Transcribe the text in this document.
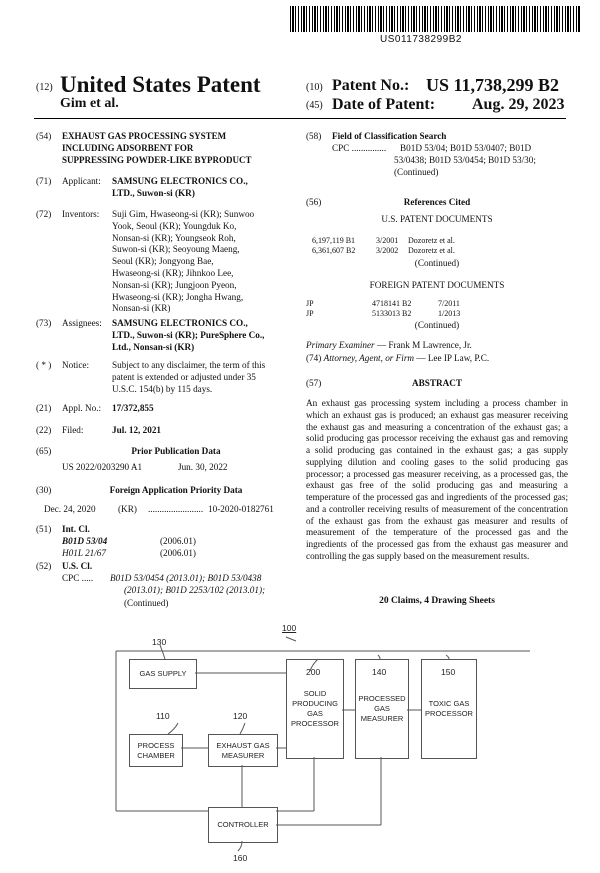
US011738299B2
(12) United States Patent
Gim et al.
(10) Patent No.: US 11,738,299 B2
(45) Date of Patent: Aug. 29, 2023
(54) EXHAUST GAS PROCESSING SYSTEM
INCLUDING ADSORBENT FOR
SUPPRESSING POWDER-LIKE BYPRODUCT
(71) Applicant: SAMSUNG ELECTRONICS CO.,
LTD., Suwon-si (KR)
(72) Inventors: Suji Gim, Hwaseong-si (KR); Sunwoo
Yook, Seoul (KR); Youngduk Ko,
Nonsan-si (KR); Youngseok Roh,
Suwon-si (KR); Seoyoung Maeng,
Seoul (KR); Jongyong Bae,
Hwaseong-si (KR); Jihnkoo Lee,
Nonsan-si (KR); Jungjoon Pyeon,
Hwaseong-si (KR); Jongha Hwang,
Nonsan-si (KR)
(73) Assignees: SAMSUNG ELECTRONICS CO.,
LTD., Suwon-si (KR); PureSphere Co.,
Ltd., Nonsan-si (KR)
( * ) Notice: Subject to any disclaimer, the term of this
patent is extended or adjusted under 35
U.S.C. 154(b) by 115 days.
(21) Appl. No.: 17/372,855
(22) Filed:	Jul. 12, 2021
(65)	Prior Publication Data
US 2022/0203290 A1	Jun. 30, 2022
(30)	Foreign Application Priority Data
Dec. 24, 2020 (KR) ........................ 10-2020-0182761
(51) Int. Cl.
B01D 53/04	(2006.01)
H01L 21/67	(2006.01)
(52) U.S. Cl.
CPC ..... B01D 53/0454 (2013.01); B01D 53/0438
(2013.01); B01D 2253/102 (2013.01);
(Continued)
(58) Field of Classification Search
CPC ............... B01D 53/04; B01D 53/0407; B01D
53/0438; B01D 53/0454; B01D 53/30;
(Continued)
(56)	References Cited
U.S. PATENT DOCUMENTS
6,197,119 B1	3/2001 Dozoretz et al.
6,361,607 B2	3/2002 Dozoretz et al.
(Continued)
FOREIGN PATENT DOCUMENTS
JP	4718141 B2	7/2011
JP	5133013 B2	1/2013
(Continued)
Primary Examiner — Frank M Lawrence, Jr.
(74) Attorney, Agent, or Firm — Lee IP Law, P.C.
(57)	ABSTRACT
An exhaust gas processing system including a process chamber in which an exhaust gas is produced; an exhaust gas measurer receiving the exhaust gas and measuring a concentration of the exhaust gas; a solid producing gas processor receiving the exhaust gas and removing a solid producing gas contained in the exhaust gas; a gas supply supplying dilution and cooling gases to the solid producing gas processor; a processed gas measurer receiving, as a processed gas, the exhaust gas free of the solid producing gas and measuring a temperature of the processed gas and ingredients of the processed gas; and a controller receiving results of measurement of the concentration of the exhaust gas from the exhaust gas measurer and results of measurement of the temperature of the processed gas and the ingredients of the processed gas from the exhaust gas measurer and controlling the gas supply based on the measurement results.
20 Claims, 4 Drawing Sheets
100
130
200	140	150
110	120
160
GAS SUPPLY
SOLID
PRODUCING
GAS
PROCESSOR
PROCESSED
GAS
MEASURER
TOXIC GAS
PROCESSOR
PROCESS
CHAMBER
EXHAUST GAS
MEASURER
CONTROLLER
